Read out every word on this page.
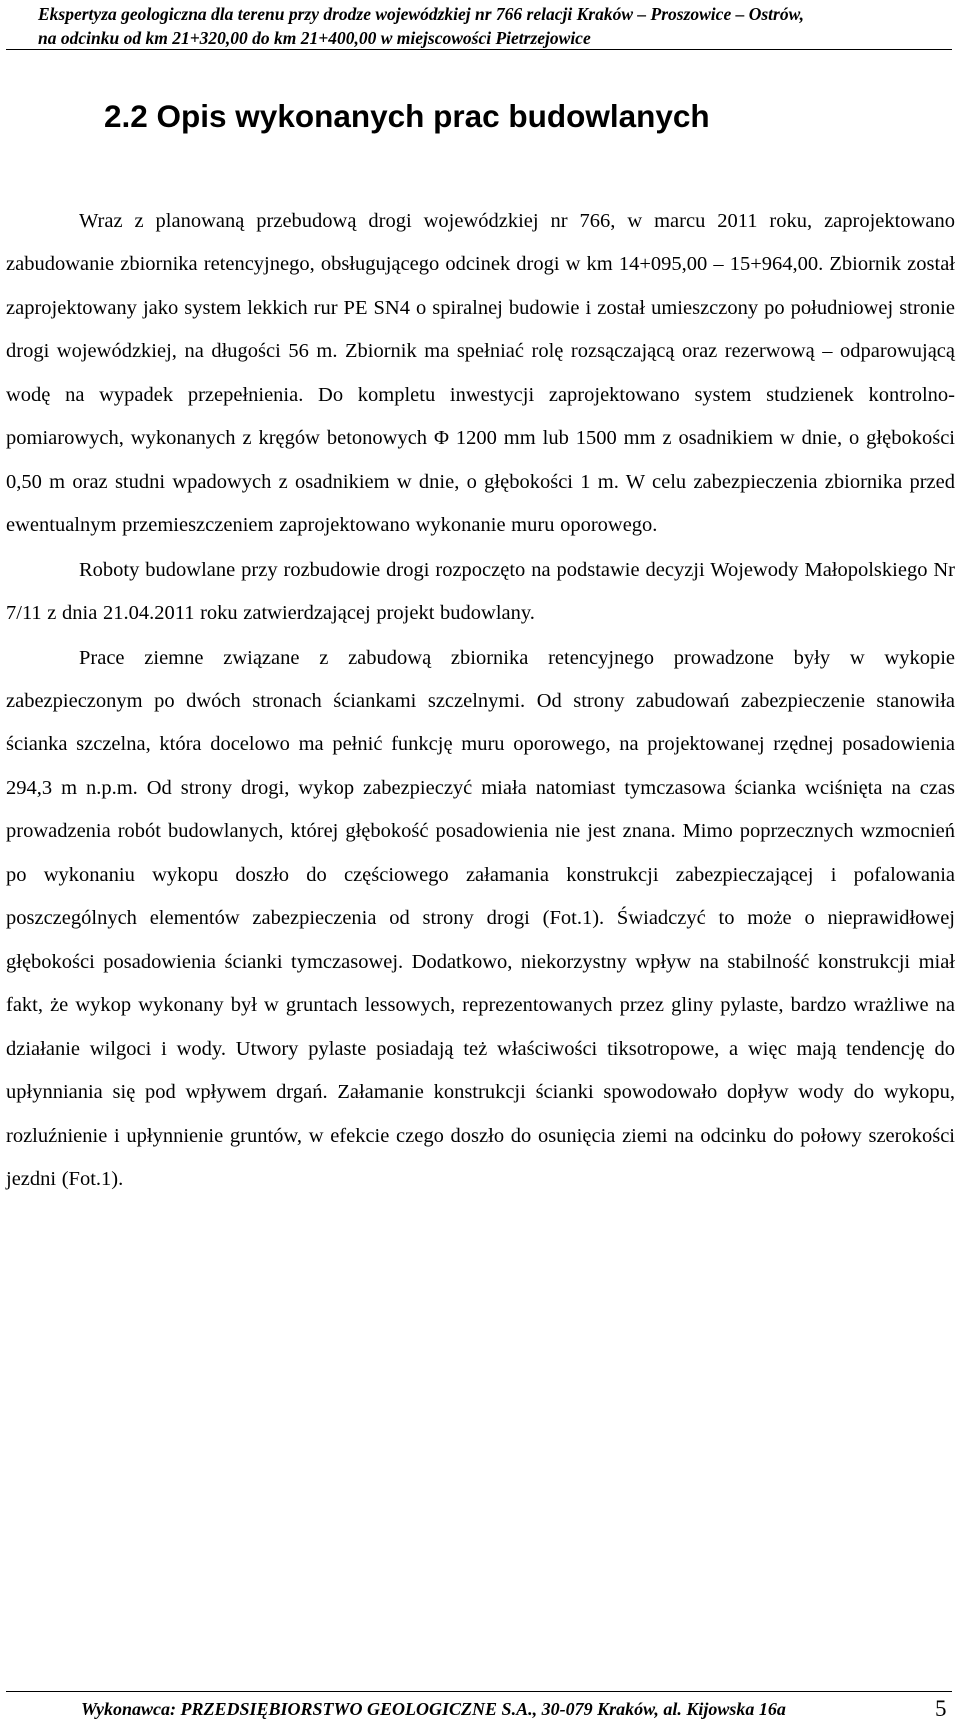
Ekspertyza geologiczna dla terenu przy drodze wojewódzkiej nr 766 relacji Kraków – Proszowice – Ostrów,
na odcinku od km 21+320,00 do km 21+400,00 w miejscowości Pietrzejowice
2.2 Opis wykonanych prac budowlanych

Wraz z planowaną przebudową drogi wojewódzkiej nr 766, w marcu 2011 roku, zaprojektowano zabudowanie zbiornika retencyjnego, obsługującego odcinek drogi w km 14+095,00 – 15+964,00. Zbiornik został zaprojektowany jako system lekkich rur PE SN4 o spiralnej budowie i został umieszczony po południowej stronie drogi wojewódzkiej, na długości 56 m. Zbiornik ma spełniać rolę rozsączającą oraz rezerwową – odparowującą wodę na wypadek przepełnienia. Do kompletu inwestycji zaprojektowano system studzienek kontrolno-pomiarowych, wykonanych z kręgów betonowych Φ 1200 mm lub 1500 mm z osadnikiem w dnie, o głębokości 0,50 m oraz studni wpadowych z osadnikiem w dnie, o głębokości 1 m. W celu zabezpieczenia zbiornika przed ewentualnym przemieszczeniem zaprojektowano wykonanie muru oporowego.

Roboty budowlane przy rozbudowie drogi rozpoczęto na podstawie decyzji Wojewody Małopolskiego Nr 7/11 z dnia 21.04.2011 roku zatwierdzającej projekt budowlany.

Prace ziemne związane z zabudową zbiornika retencyjnego prowadzone były w wykopie zabezpieczonym po dwóch stronach ściankami szczelnymi. Od strony zabudowań zabezpieczenie stanowiła ścianka szczelna, która docelowo ma pełnić funkcję muru oporowego, na projektowanej rzędnej posadowienia 294,3 m n.p.m. Od strony drogi, wykop zabezpieczyć miała natomiast tymczasowa ścianka wciśnięta na czas prowadzenia robót budowlanych, której głębokość posadowienia nie jest znana. Mimo poprzecznych wzmocnień po wykonaniu wykopu doszło do częściowego załamania konstrukcji zabezpieczającej i pofalowania poszczególnych elementów zabezpieczenia od strony drogi (Fot.1). Świadczyć to może o nieprawidłowej głębokości posadowienia ścianki tymczasowej. Dodatkowo, niekorzystny wpływ na stabilność konstrukcji miał fakt, że wykop wykonany był w gruntach lessowych, reprezentowanych przez gliny pylaste, bardzo wrażliwe na działanie wilgoci i wody. Utwory pylaste posiadają też właściwości tiksotropowe, a więc mają tendencję do upłynniania się pod wpływem drgań. Załamanie konstrukcji ścianki spowodowało dopływ wody do wykopu, rozluźnienie i upłynnienie gruntów, w efekcie czego doszło do osunięcia ziemi na odcinku do połowy szerokości jezdni (Fot.1).

Wykonawca: PRZEDSIĘBIORSTWO GEOLOGICZNE S.A., 30-079 Kraków, al. Kijowska 16a	5
